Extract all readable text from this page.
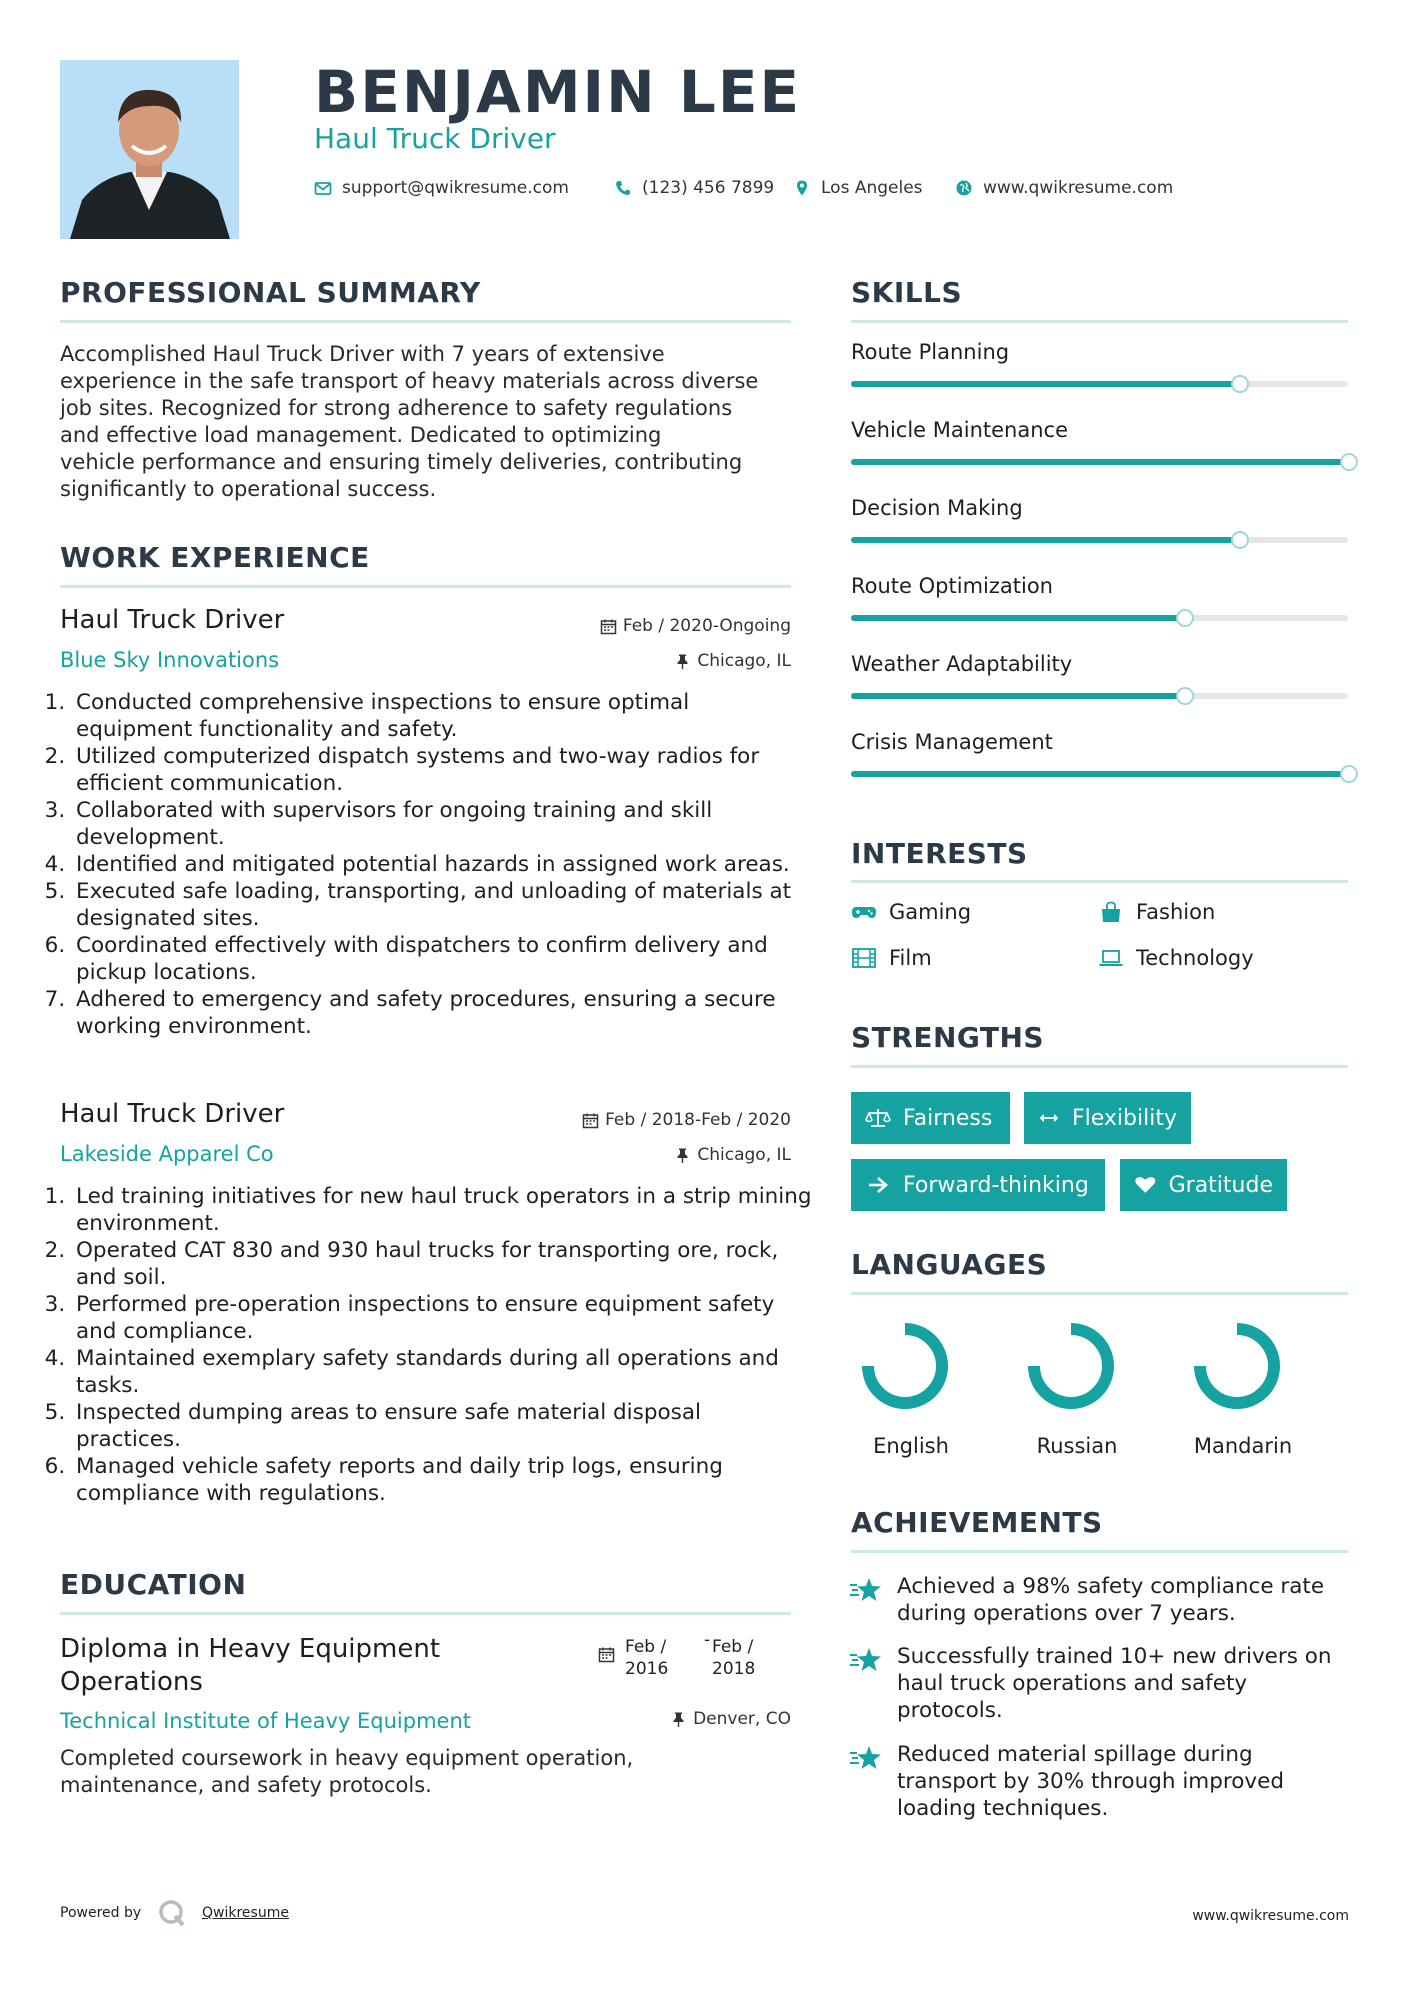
BENJAMIN LEE
Haul Truck Driver
support@qwikresume.com	(123) 456 7899	Los Angeles	www.qwikresume.com
PROFESSIONAL SUMMARY
Accomplished Haul Truck Driver with 7 years of extensive
experience in the safe transport of heavy materials across diverse
job sites. Recognized for strong adherence to safety regulations
and effective load management. Dedicated to optimizing
vehicle performance and ensuring timely deliveries, contributing
significantly to operational success.
WORK EXPERIENCE
Haul Truck Driver	Feb / 2020-Ongoing
Blue Sky Innovations	Chicago, IL
1. Conducted comprehensive inspections to ensure optimal equipment functionality and safety.
2. Utilized computerized dispatch systems and two-way radios for efficient communication.
3. Collaborated with supervisors for ongoing training and skill development.
4. Identified and mitigated potential hazards in assigned work areas.
5. Executed safe loading, transporting, and unloading of materials at designated sites.
6. Coordinated effectively with dispatchers to confirm delivery and pickup locations.
7. Adhered to emergency and safety procedures, ensuring a secure working environment.
Haul Truck Driver	Feb / 2018-Feb / 2020
Lakeside Apparel Co	Chicago, IL
1. Led training initiatives for new haul truck operators in a strip mining environment.
2. Operated CAT 830 and 930 haul trucks for transporting ore, rock, and soil.
3. Performed pre-operation inspections to ensure equipment safety and compliance.
4. Maintained exemplary safety standards during all operations and tasks.
5. Inspected dumping areas to ensure safe material disposal practices.
6. Managed vehicle safety reports and daily trip logs, ensuring compliance with regulations.
EDUCATION
Diploma in Heavy Equipment
Operations
Feb /
2016
- Feb /
2018
Technical Institute of Heavy Equipment	Denver, CO
Completed coursework in heavy equipment operation,
maintenance, and safety protocols.
SKILLS
Route Planning
Vehicle Maintenance
Decision Making
Route Optimization
Weather Adaptability
Crisis Management
INTERESTS
Gaming	Fashion
Film	Technology
STRENGTHS
Fairness	Flexibility
Forward-thinking	Gratitude
LANGUAGES
English	Russian	Mandarin
ACHIEVEMENTS
Achieved a 98% safety compliance rate
during operations over 7 years.
Successfully trained 10+ new drivers on
haul truck operations and safety
protocols.
Reduced material spillage during
transport by 30% through improved
loading techniques.
Powered by	Qwikresume	www.qwikresume.com
